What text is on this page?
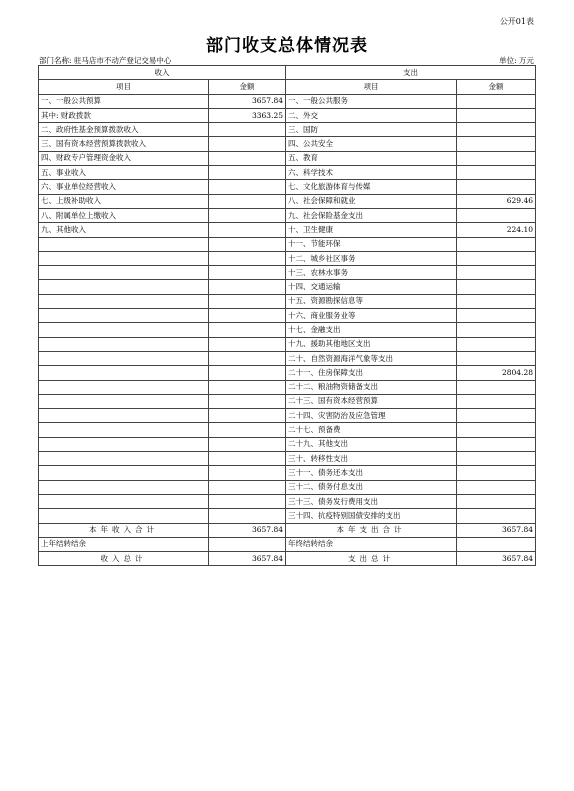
公开01表
部门收支总体情况表
部门名称: 驻马店市不动产登记交易中心	单位: 万元
收入		支出	
项目	金额	项目	金额
一、一般公共预算	3657.84	一、一般公共服务	
其中: 财政拨款	3363.25	二、外交	
二、政府性基金预算拨款收入		三、国防	
三、国有资本经营预算拨款收入		四、公共安全	
四、财政专户管理资金收入		五、教育	
五、事业收入		六、科学技术	
六、事业单位经营收入		七、文化旅游体育与传媒	
七、上级补助收入		八、社会保障和就业	629.46
八、附属单位上缴收入		九、社会保险基金支出	
九、其他收入		十、卫生健康	224.10
		十一、节能环保	
		十二、城乡社区事务	
		十三、农林水事务	
		十四、交通运输	
		十五、资源勘探信息等	
		十六、商业服务业等	
		十七、金融支出	
		十九、援助其他地区支出	
		二十、自然资源海洋气象等支出	
		二十一、住房保障支出	2804.28
		二十二、粮油物资储备支出	
		二十三、国有资本经营预算	
		二十四、灾害防治及应急管理	
		二十七、预备费	
		二十九、其他支出	
		三十、转移性支出	
		三十一、债务还本支出	
		三十二、债务付息支出	
		三十三、债务发行费用支出	
		三十四、抗疫特别国债安排的支出	
本年收入合计	3657.84	本年支出合计	3657.84
上年结转结余		年终结转结余	
收入总计	3657.84	支出总计	3657.84
